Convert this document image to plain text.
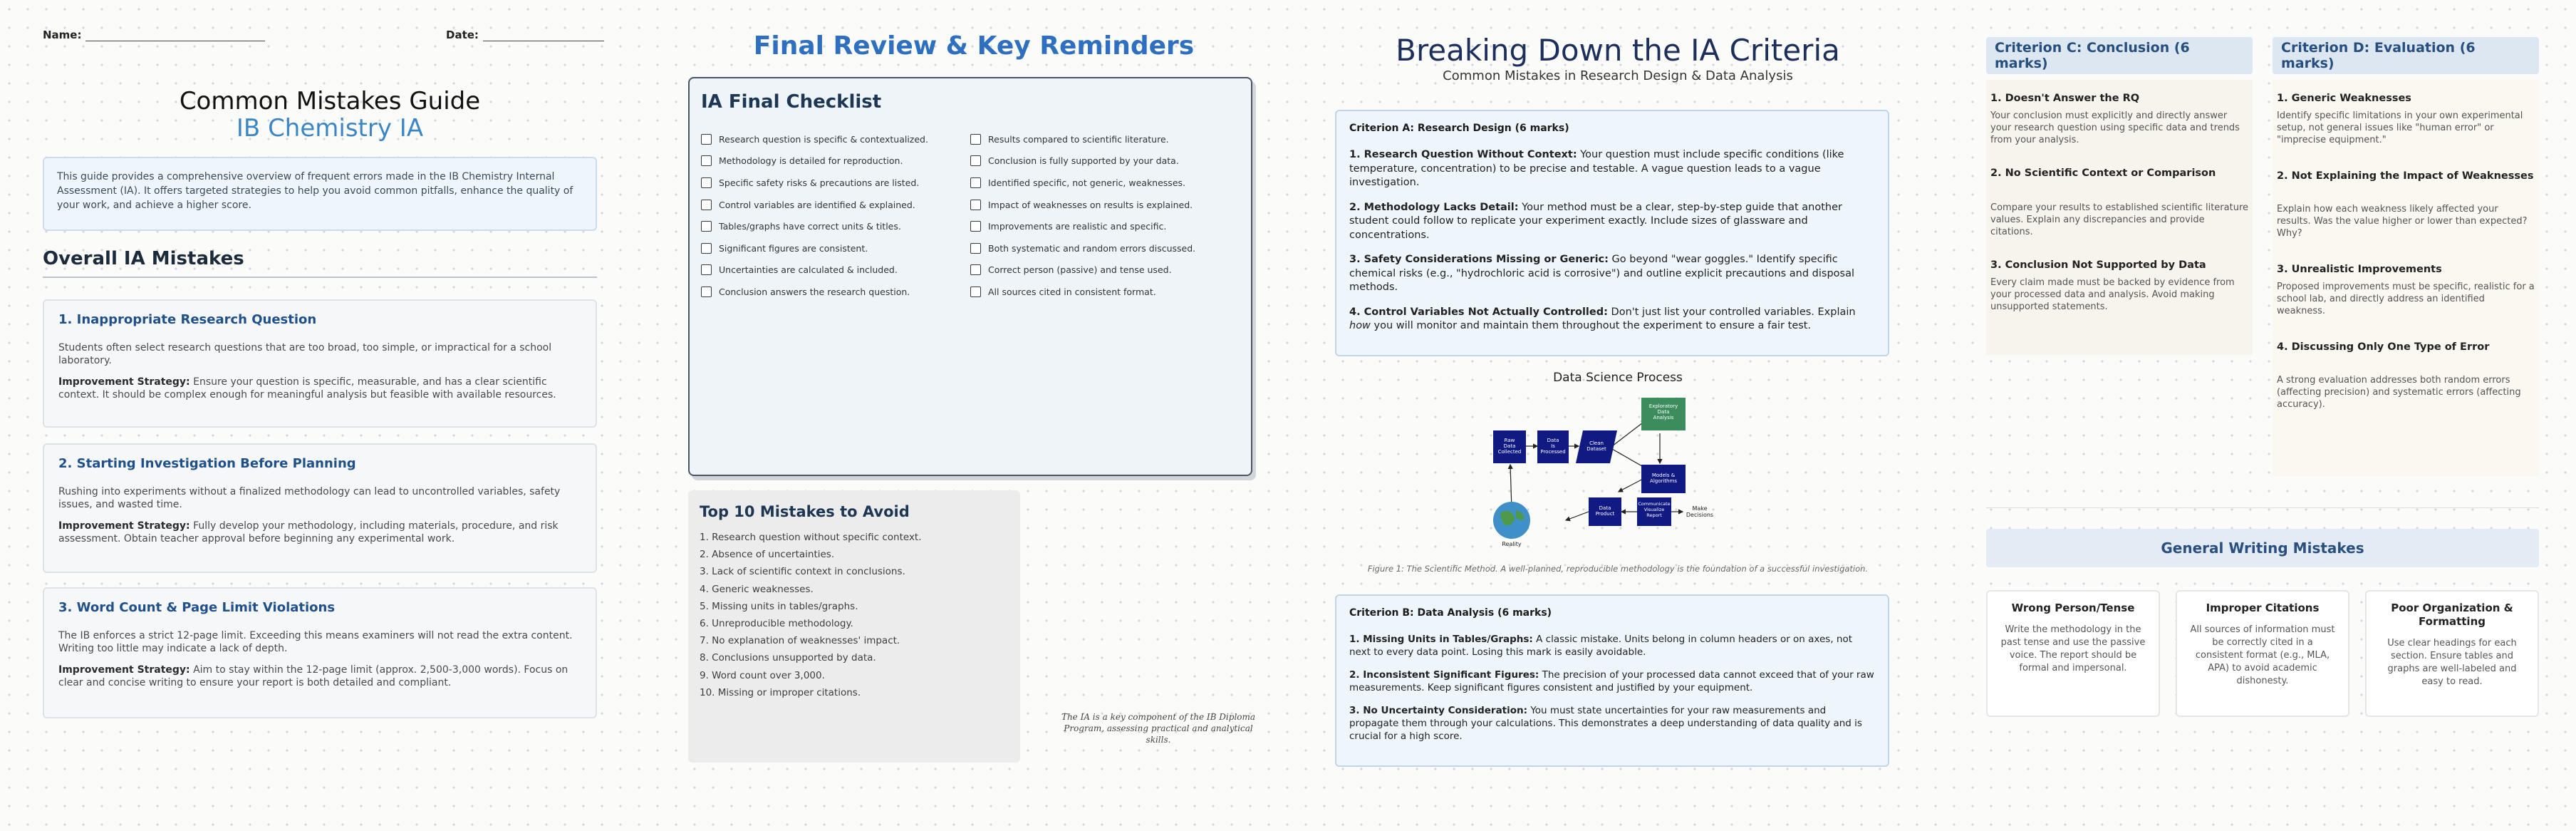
Name:	Date:
Common Mistakes Guide
IB Chemistry IA
This guide provides a comprehensive overview of frequent errors made in the IB Chemistry Internal Assessment (IA). It offers targeted strategies to help you avoid common pitfalls, enhance the quality of your work, and achieve a higher score.
Overall IA Mistakes
1. Inappropriate Research Question

Students often select research questions that are too broad, too simple, or impractical for a school laboratory.

Improvement Strategy: Ensure your question is specific, measurable, and has a clear scientific context. It should be complex enough for meaningful analysis but feasible with available resources.

2. Starting Investigation Before Planning

Rushing into experiments without a finalized methodology can lead to uncontrolled variables, safety issues, and wasted time.

Improvement Strategy: Fully develop your methodology, including materials, procedure, and risk assessment. Obtain teacher approval before beginning any experimental work.

3. Word Count & Page Limit Violations

The IB enforces a strict 12-page limit. Exceeding this means examiners will not read the extra content. Writing too little may indicate a lack of depth.

Improvement Strategy: Aim to stay within the 12-page limit (approx. 2,500-3,000 words). Focus on clear and concise writing to ensure your report is both detailed and compliant.

Final Review & Key Reminders
IA Final Checklist
Research question is specific & contextualized.
Methodology is detailed for reproduction.
Specific safety risks & precautions are listed.
Control variables are identified & explained.
Tables/graphs have correct units & titles.
Significant figures are consistent.
Uncertainties are calculated & included.
Conclusion answers the research question.
Results compared to scientific literature.
Conclusion is fully supported by your data.
Identified specific, not generic, weaknesses.
Impact of weaknesses on results is explained.
Improvements are realistic and specific.
Both systematic and random errors discussed.
Correct person (passive) and tense used.
All sources cited in consistent format.
Top 10 Mistakes to Avoid
1. Research question without specific context.
2. Absence of uncertainties.
3. Lack of scientific context in conclusions.
4. Generic weaknesses.
5. Missing units in tables/graphs.
6. Unreproducible methodology.
7. No explanation of weaknesses' impact.
8. Conclusions unsupported by data.
9. Word count over 3,000.
10. Missing or improper citations.
The IA is a key component of the IB Diploma Program, assessing practical and analytical skills.
Breaking Down the IA Criteria
Common Mistakes in Research Design & Data Analysis
Criterion A: Research Design (6 marks)

1. Research Question Without Context: Your question must include specific conditions (like temperature, concentration) to be precise and testable. A vague question leads to a vague investigation.

2. Methodology Lacks Detail: Your method must be a clear, step-by-step guide that another student could follow to replicate your experiment exactly. Include sizes of glassware and concentrations.

3. Safety Considerations Missing or Generic: Go beyond "wear goggles." Identify specific chemical risks (e.g., "hydrochloric acid is corrosive") and outline explicit precautions and disposal methods.

4. Control Variables Not Actually Controlled: Don't just list your controlled variables. Explain how you will monitor and maintain them throughout the experiment to ensure a fair test.

Data Science Process
Raw Data Collected
Data Is Processed
Clean Dataset
Exploratory Data Analysis
Models & Algorithms
Communicate Visualize Report
Data Product
Make Decisions
Reality
Figure 1: The Scientific Method. A well-planned, reproducible methodology is the foundation of a successful investigation.
Criterion B: Data Analysis (6 marks)

1. Missing Units in Tables/Graphs: A classic mistake. Units belong in column headers or on axes, not next to every data point. Losing this mark is easily avoidable.

2. Inconsistent Significant Figures: The precision of your processed data cannot exceed that of your raw measurements. Keep significant figures consistent and justified by your equipment.

3. No Uncertainty Consideration: You must state uncertainties for your raw measurements and propagate them through your calculations. This demonstrates a deep understanding of data quality and is crucial for a high score.

Criterion C: Conclusion (6 marks)
1. Doesn't Answer the RQ

Your conclusion must explicitly and directly answer your research question using specific data and trends from your analysis.

2. No Scientific Context or Comparison

Compare your results to established scientific literature values. Explain any discrepancies and provide citations.

3. Conclusion Not Supported by Data

Every claim made must be backed by evidence from your processed data and analysis. Avoid making unsupported statements.

Criterion D: Evaluation (6 marks)
1. Generic Weaknesses

Identify specific limitations in your own experimental setup, not general issues like "human error" or "imprecise equipment."

2. Not Explaining the Impact of Weaknesses

Explain how each weakness likely affected your results. Was the value higher or lower than expected? Why?

3. Unrealistic Improvements

Proposed improvements must be specific, realistic for a school lab, and directly address an identified weakness.

4. Discussing Only One Type of Error

A strong evaluation addresses both random errors (affecting precision) and systematic errors (affecting accuracy).

General Writing Mistakes
Wrong Person/Tense

Write the methodology in the past tense and use the passive voice. The report should be formal and impersonal.

Improper Citations

All sources of information must be correctly cited in a consistent format (e.g., MLA, APA) to avoid academic dishonesty.

Poor Organization & Formatting

Use clear headings for each section. Ensure tables and graphs are well-labeled and easy to read.
